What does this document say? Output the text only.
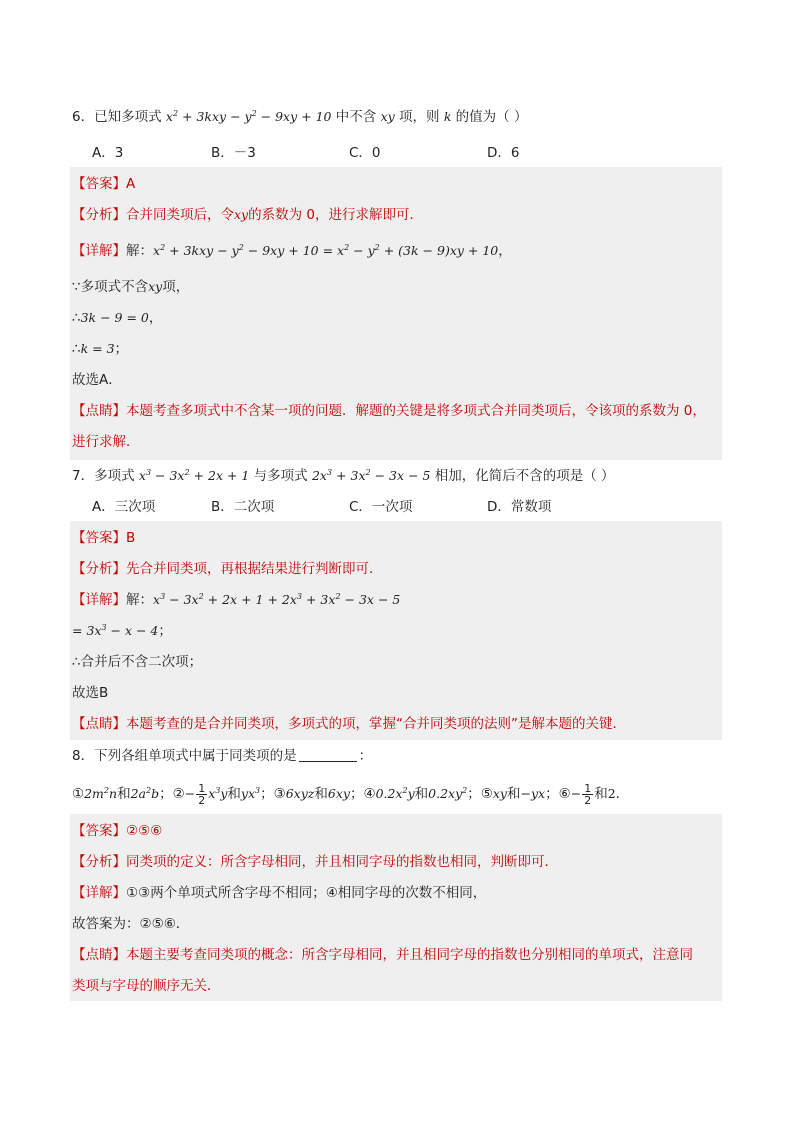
6．已知多项式 $x^2 + 3kxy - y^2 - 9xy + 10$ 中不含 xy 项，则 k 的值为（ ）
A．3	B．－3	C．0	D．6
【答案】A
【分析】合并同类项后，令xy的系数为 0，进行求解即可．
【详解】解：$x^2 + 3kxy - y^2 - 9xy + 10 = x^2 - y^2 + (3k - 9)xy + 10$，
∵多项式不含xy项，
∴3k − 9 = 0，
∴k = 3；
故选A．
【点睛】本题考查多项式中不含某一项的问题．解题的关键是将多项式合并同类项后，令该项的系数为 0，
进行求解．
7．多项式 $x^3 - 3x^2 + 2x + 1$ 与多项式 $2x^3 + 3x^2 - 3x - 5$ 相加，化简后不含的项是（ ）
A．三次项	B．二次项	C．一次项	D．常数项
【答案】B
【分析】先合并同类项，再根据结果进行判断即可．
【详解】解：$x^3 - 3x^2 + 2x + 1 + 2x^3 + 3x^2 - 3x - 5$
= $3x^3 - x - 4$；
∴合并后不含二次项；
故选B
【点睛】本题考查的是合并同类项，多项式的项，掌握“合并同类项的法则”是解本题的关键．
8．下列各组单项式中属于同类项的是	：
$①2m^2n$和$2a^2b$；②− $\frac{1}{2} x^3y$和$yx^3$；③6xyz和6xy；$④0.2x^2y$和$0.2xy^2$；⑤xy和−yx；⑥− $\frac{1}{2}$ 和2．
【答案】②⑤⑥
【分析】同类项的定义：所含字母相同，并且相同字母的指数也相同，判断即可．
【详解】①③两个单项式所含字母不相同；④相同字母的次数不相同，
故答案为：②⑤⑥．
【点睛】本题主要考查同类项的概念：所含字母相同，并且相同字母的指数也分别相同的单项式，注意同
类项与字母的顺序无关．
